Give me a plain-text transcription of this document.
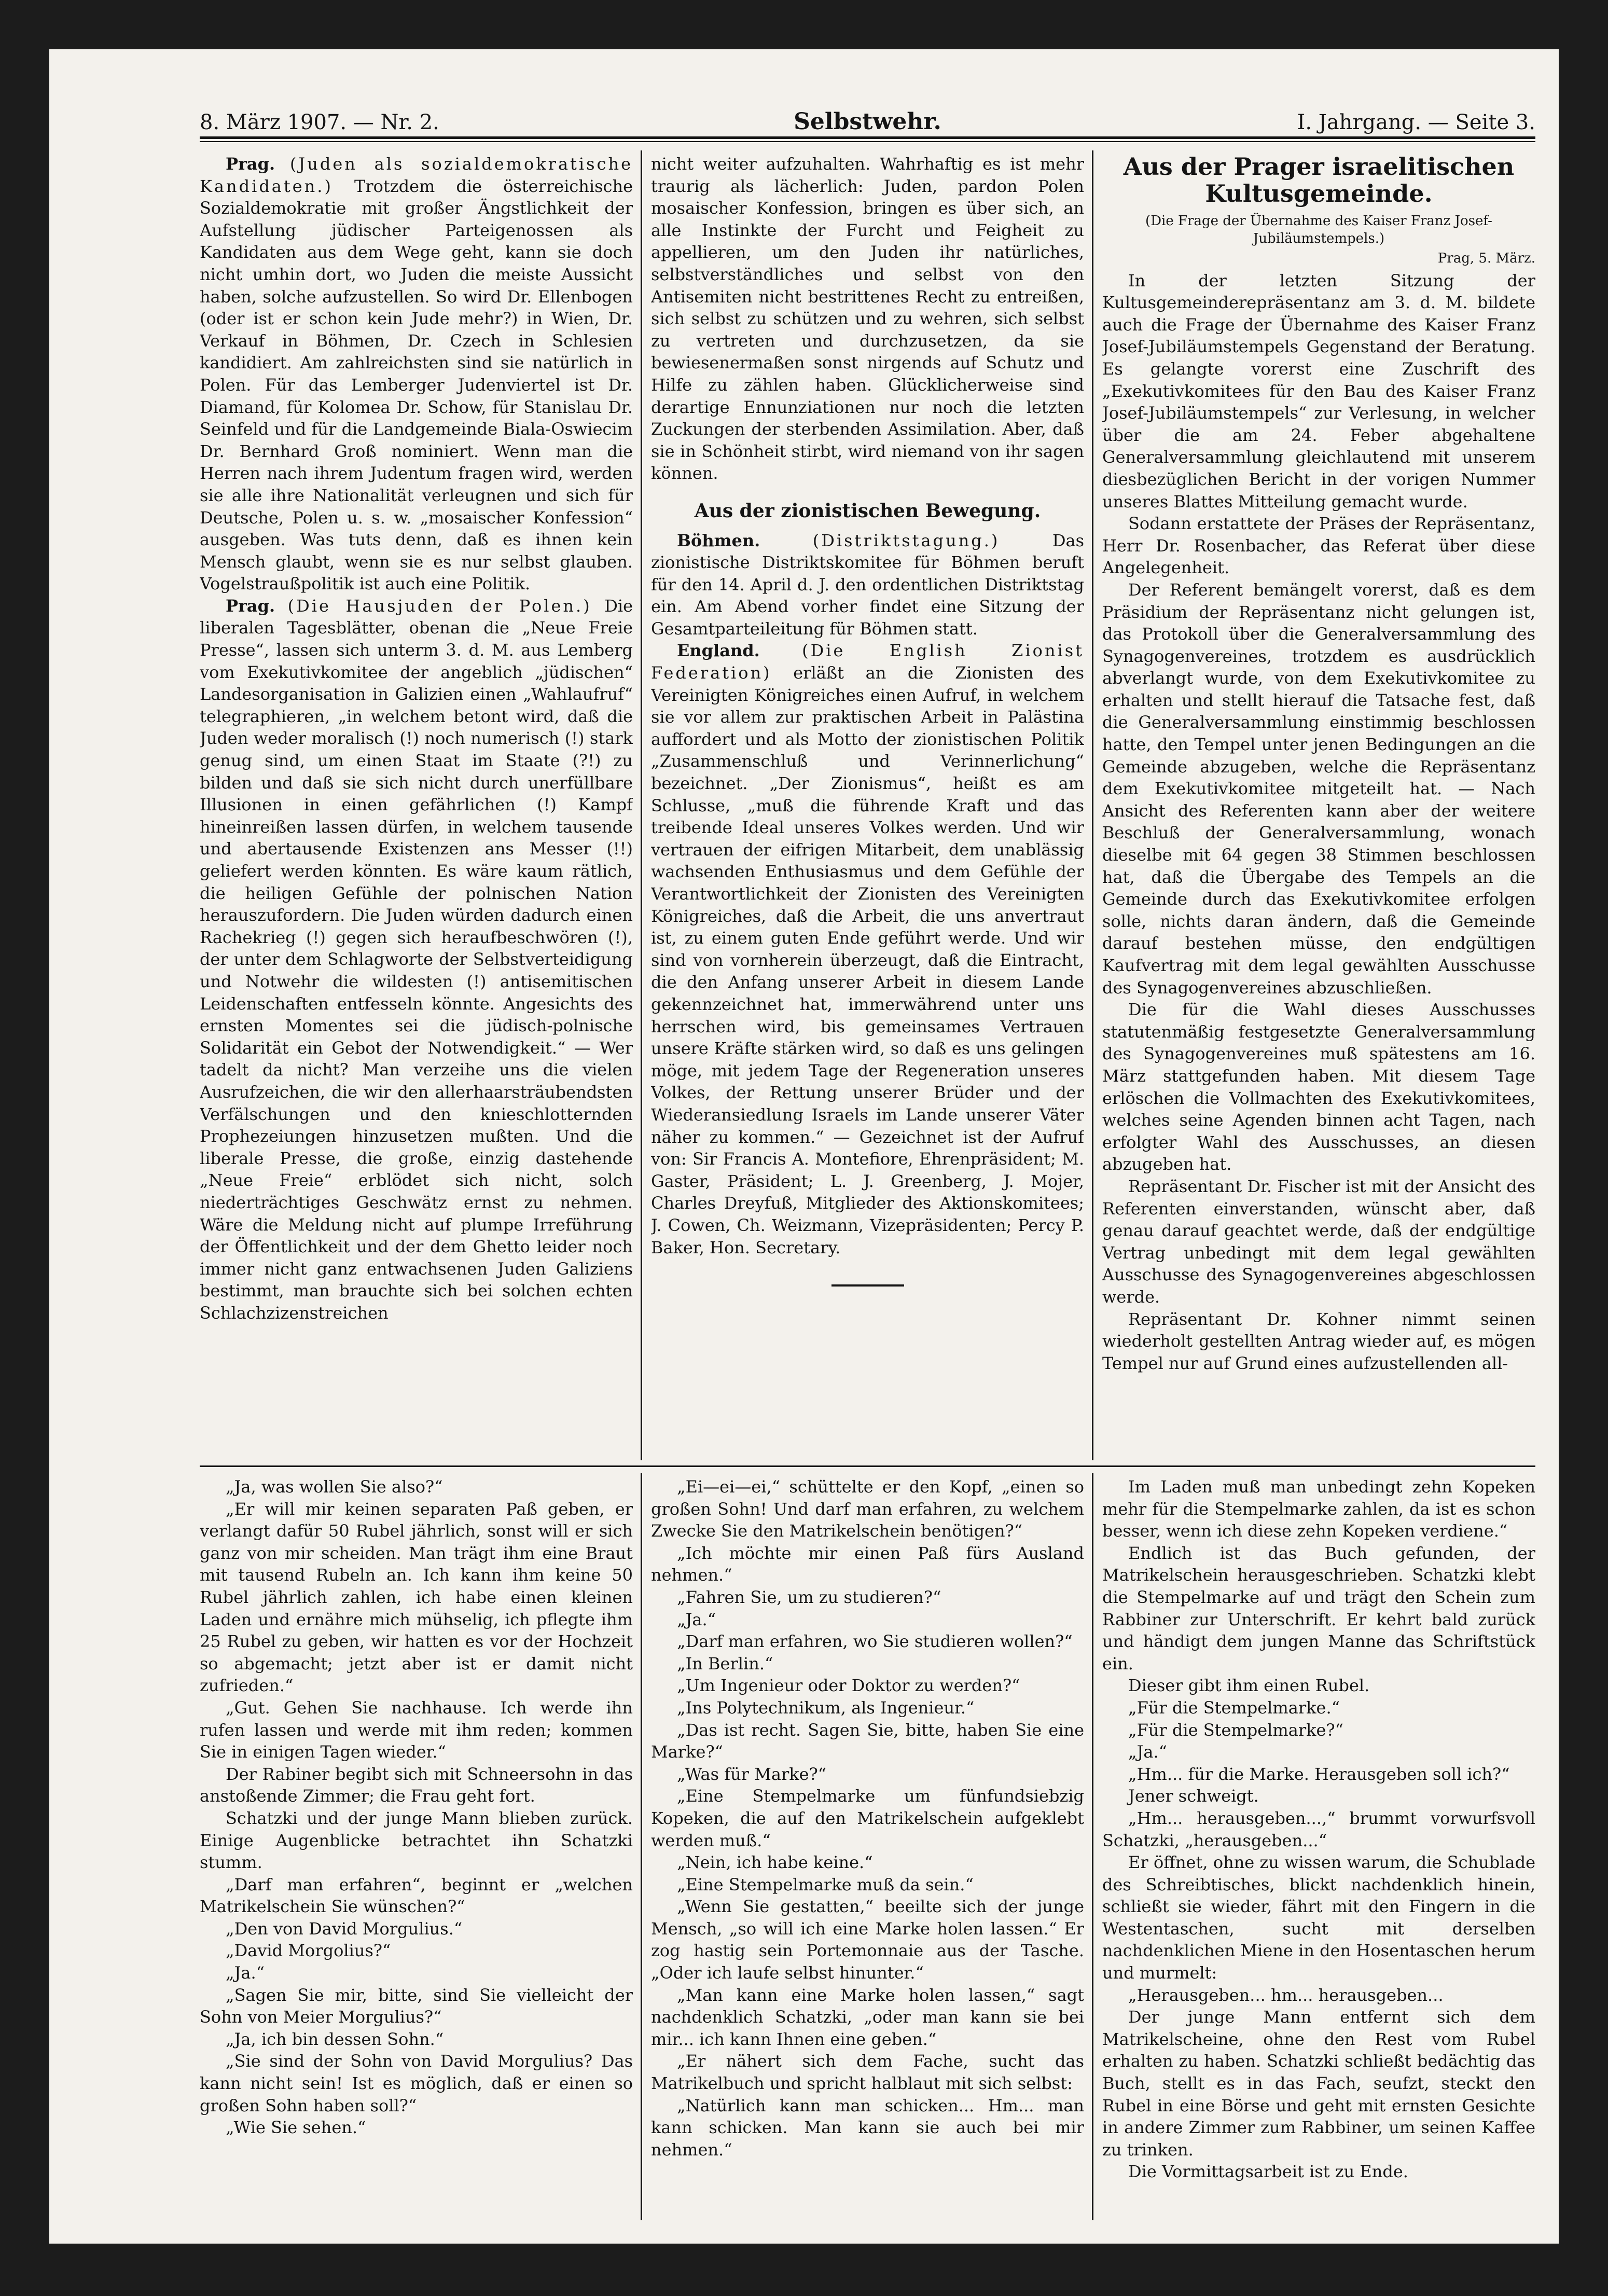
8. März 1907. — Nr. 2.	Selbstwehr.	I. Jahrgang. — Seite 3.

Prag. (Juden als sozialdemokratische Kandidaten.) Trotzdem die österreichische Sozialdemokratie mit großer Ängstlichkeit der Aufstellung jüdischer Parteigenossen als Kandidaten aus dem Wege geht, kann sie doch nicht umhin dort, wo Juden die meiste Aussicht haben, solche aufzustellen. So wird Dr. Ellenbogen (oder ist er schon kein Jude mehr?) in Wien, Dr. Verkauf in Böhmen, Dr. Czech in Schlesien kandidiert. Am zahlreichsten sind sie natürlich in Polen. Für das Lemberger Judenviertel ist Dr. Diamand, für Kolomea Dr. Schow, für Stanislau Dr. Seinfeld und für die Landgemeinde Biala-Oswiecim Dr. Bernhard Groß nominiert. Wenn man die Herren nach ihrem Judentum fragen wird, werden sie alle ihre Nationalität verleugnen und sich für Deutsche, Polen u. s. w. „mosaischer Konfession“ ausgeben. Was tuts denn, daß es ihnen kein Mensch glaubt, wenn sie es nur selbst glauben. Vogelstraußpolitik ist auch eine Politik.

Prag. (Die Hausjuden der Polen.) Die liberalen Tagesblätter, obenan die „Neue Freie Presse“, lassen sich unterm 3. d. M. aus Lemberg vom Exekutivkomitee der angeblich „jüdischen“ Landesorganisation in Galizien einen „Wahlaufruf“ telegraphieren, „in welchem betont wird, daß die Juden weder moralisch (!) noch numerisch (!) stark genug sind, um einen Staat im Staate (?!) zu bilden und daß sie sich nicht durch unerfüllbare Illusionen in einen gefährlichen (!) Kampf hineinreißen lassen dürfen, in welchem tausende und abertausende Existenzen ans Messer (!!) geliefert werden könnten. Es wäre kaum rätlich, die heiligen Gefühle der polnischen Nation herauszufordern. Die Juden würden dadurch einen Rachekrieg (!) gegen sich heraufbeschwören (!), der unter dem Schlagworte der Selbstverteidigung und Notwehr die wildesten (!) antisemitischen Leidenschaften entfesseln könnte. Angesichts des ernsten Momentes sei die jüdisch-polnische Solidarität ein Gebot der Notwendigkeit.“ — Wer tadelt da nicht? Man verzeihe uns die vielen Ausrufzeichen, die wir den allerhaarsträubendsten Verfälschungen und den knieschlotternden Prophezeiungen hinzusetzen mußten. Und die liberale Presse, die große, einzig dastehende „Neue Freie“ erblödet sich nicht, solch niederträchtiges Geschwätz ernst zu nehmen. Wäre die Meldung nicht auf plumpe Irreführung der Öffentlichkeit und der dem Ghetto leider noch immer nicht ganz entwachsenen Juden Galiziens bestimmt, man brauchte sich bei solchen echten Schlachzizenstreichen

nicht weiter aufzuhalten. Wahrhaftig es ist mehr traurig als lächerlich: Juden, pardon Polen mosaischer Konfession, bringen es über sich, an alle Instinkte der Furcht und Feigheit zu appellieren, um den Juden ihr natürliches, selbstverständliches und selbst von den Antisemiten nicht bestrittenes Recht zu entreißen, sich selbst zu schützen und zu wehren, sich selbst zu vertreten und durchzusetzen, da sie bewiesenermaßen sonst nirgends auf Schutz und Hilfe zu zählen haben. Glücklicherweise sind derartige Ennunziationen nur noch die letzten Zuckungen der sterbenden Assimilation. Aber, daß sie in Schönheit stirbt, wird niemand von ihr sagen können.

Aus der zionistischen Bewegung.

Böhmen.	(Distriktstagung.)	Das zionistische Distriktskomitee für Böhmen beruft für den 14. April d. J. den ordentlichen Distriktstag ein. Am Abend vorher findet eine Sitzung der Gesamtparteileitung für Böhmen statt.

England.	(Die English Zionist Federation) erläßt an die Zionisten des Vereinigten Königreiches einen Aufruf, in welchem sie vor allem zur praktischen Arbeit in Palästina auffordert und als Motto der zionistischen Politik „Zusammenschluß und Verinnerlichung“ bezeichnet. „Der Zionismus“, heißt es am Schlusse, „muß die führende Kraft und das treibende Ideal unseres Volkes werden. Und wir vertrauen der eifrigen Mitarbeit, dem unablässig wachsenden Enthusiasmus und dem Gefühle der Verantwortlichkeit der Zionisten des Vereinigten Königreiches, daß die Arbeit, die uns anvertraut ist, zu einem guten Ende geführt werde. Und wir sind von vornherein überzeugt, daß die Eintracht, die den Anfang unserer Arbeit in diesem Lande gekennzeichnet hat, immerwährend unter uns herrschen wird, bis gemeinsames Vertrauen unsere Kräfte stärken wird, so daß es uns gelingen möge, mit jedem Tage der Regeneration unseres Volkes, der Rettung unserer Brüder und der Wiederansiedlung Israels im Lande unserer Väter näher zu kommen.“ — Gezeichnet ist der Aufruf von: Sir Francis A. Montefiore, Ehrenpräsident; M. Gaster, Präsident; L. J. Greenberg, J. Mojer, Charles Dreyfuß, Mitglieder des Aktionskomitees; J. Cowen, Ch. Weizmann, Vizepräsidenten; Percy P. Baker, Hon. Secretary.

Aus der Prager israelitischen Kultusgemeinde.

(Die Frage der Übernahme des Kaiser Franz Josef-Jubiläumstempels.)

Prag, 5. März.

In der letzten Sitzung der Kultusgemeinderepräsentanz am 3. d. M. bildete auch die Frage der Übernahme des Kaiser Franz Josef-Jubiläumstempels Gegenstand der Beratung. Es gelangte vorerst eine Zuschrift des „Exekutivkomitees für den Bau des Kaiser Franz Josef-Jubiläumstempels“ zur Verlesung, in welcher über die am 24. Feber abgehaltene Generalversammlung gleichlautend mit unserem diesbezüglichen Bericht in der vorigen Nummer unseres Blattes Mitteilung gemacht wurde.

Sodann erstattete der Präses der Repräsentanz, Herr Dr. Rosenbacher, das Referat über diese Angelegenheit.

Der Referent bemängelt vorerst, daß es dem Präsidium der Repräsentanz nicht gelungen ist, das Protokoll über die Generalversammlung des Synagogenvereines, trotzdem es ausdrücklich abverlangt wurde, von dem Exekutivkomitee zu erhalten und stellt hierauf die Tatsache fest, daß die Generalversammlung einstimmig beschlossen hatte, den Tempel unter jenen Bedingungen an die Gemeinde abzugeben, welche die Repräsentanz dem Exekutivkomitee mitgeteilt hat. — Nach Ansicht des Referenten kann aber der weitere Beschluß der Generalversammlung, wonach dieselbe mit 64 gegen 38 Stimmen beschlossen hat, daß die Übergabe des Tempels an die Gemeinde durch das Exekutivkomitee erfolgen solle, nichts daran ändern, daß die Gemeinde darauf bestehen müsse, den endgültigen Kaufvertrag mit dem legal gewählten Ausschusse des Synagogenvereines abzuschließen.

Die für die Wahl dieses Ausschusses statutenmäßig festgesetzte Generalversammlung des Synagogenvereines muß spätestens am 16. März stattgefunden haben. Mit diesem Tage erlöschen die Vollmachten des Exekutivkomitees, welches seine Agenden binnen acht Tagen, nach erfolgter Wahl des Ausschusses, an diesen abzugeben hat.

Repräsentant Dr. Fischer ist mit der Ansicht des Referenten einverstanden, wünscht aber, daß genau darauf geachtet werde, daß der endgültige Vertrag unbedingt mit dem legal gewählten Ausschusse des Synagogenvereines abgeschlossen werde.

Repräsentant Dr. Kohner nimmt seinen wiederholt gestellten Antrag wieder auf, es mögen Tempel nur auf Grund eines aufzustellenden all-

„Ja, was wollen Sie also?“

„Er will mir keinen separaten Paß geben, er verlangt dafür 50 Rubel jährlich, sonst will er sich ganz von mir scheiden. Man trägt ihm eine Braut mit tausend Rubeln an. Ich kann ihm keine 50 Rubel jährlich zahlen, ich habe einen kleinen Laden und ernähre mich mühselig, ich pflegte ihm 25 Rubel zu geben, wir hatten es vor der Hochzeit so abgemacht; jetzt aber ist er damit nicht zufrieden.“

„Gut. Gehen Sie nachhause. Ich werde ihn rufen lassen und werde mit ihm reden; kommen Sie in einigen Tagen wieder.“

Der Rabiner begibt sich mit Schneersohn in das anstoßende Zimmer; die Frau geht fort.

Schatzki und der junge Mann blieben zurück. Einige Augenblicke betrachtet ihn Schatzki stumm.

„Darf man erfahren“, beginnt er „welchen Matrikelschein Sie wünschen?“

„Den von David Morgulius.“

„David Morgolius?“

„Ja.“

„Sagen Sie mir, bitte, sind Sie vielleicht der Sohn von Meier Morgulius?“

„Ja, ich bin dessen Sohn.“

„Sie sind der Sohn von David Morgulius? Das kann nicht sein! Ist es möglich, daß er einen so großen Sohn haben soll?“

„Wie Sie sehen.“

„Ei—ei—ei,“ schüttelte er den Kopf, „einen so großen Sohn! Und darf man erfahren, zu welchem Zwecke Sie den Matrikelschein benötigen?“

„Ich möchte mir einen Paß fürs Ausland nehmen.“

„Fahren Sie, um zu studieren?“

„Ja.“

„Darf man erfahren, wo Sie studieren wollen?“

„In Berlin.“

„Um Ingenieur oder Doktor zu werden?“

„Ins Polytechnikum, als Ingenieur.“

„Das ist recht. Sagen Sie, bitte, haben Sie eine Marke?“

„Was für Marke?“

„Eine Stempelmarke um fünfundsiebzig Kopeken, die auf den Matrikelschein aufgeklebt werden muß.“

„Nein, ich habe keine.“

„Eine Stempelmarke muß da sein.“

„Wenn Sie gestatten,“ beeilte sich der junge Mensch, „so will ich eine Marke holen lassen.“ Er zog hastig sein Portemonnaie aus der Tasche. „Oder ich laufe selbst hinunter.“

„Man kann eine Marke holen lassen,“ sagt nachdenklich Schatzki, „oder man kann sie bei mir... ich kann Ihnen eine geben.“

„Er nähert sich dem Fache, sucht das Matrikelbuch und spricht halblaut mit sich selbst:

„Natürlich kann man schicken... Hm... man kann schicken. Man kann sie auch bei mir nehmen.“

Im Laden muß man unbedingt zehn Kopeken mehr für die Stempelmarke zahlen, da ist es schon besser, wenn ich diese zehn Kopeken verdiene.“

Endlich ist das Buch gefunden, der Matrikelschein herausgeschrieben. Schatzki klebt die Stempelmarke auf und trägt den Schein zum Rabbiner zur Unterschrift. Er kehrt bald zurück und händigt dem jungen Manne das Schriftstück ein.

Dieser gibt ihm einen Rubel.

„Für die Stempelmarke.“

„Für die Stempelmarke?“

„Ja.“

„Hm... für die Marke. Herausgeben soll ich?“

Jener schweigt.

„Hm... herausgeben...,“ brummt vorwurfsvoll Schatzki, „herausgeben...“

Er öffnet, ohne zu wissen warum, die Schublade des Schreibtisches, blickt nachdenklich hinein, schließt sie wieder, fährt mit den Fingern in die Westentaschen, sucht mit derselben nachdenklichen Miene in den Hosentaschen herum und murmelt:

„Herausgeben... hm... herausgeben...

Der junge Mann entfernt sich dem Matrikelscheine, ohne den Rest vom Rubel erhalten zu haben. Schatzki schließt bedächtig das Buch, stellt es in das Fach, seufzt, steckt den Rubel in eine Börse und geht mit ernsten Gesichte in andere Zimmer zum Rabbiner, um seinen Kaffee zu trinken.

Die Vormittagsarbeit ist zu Ende.
